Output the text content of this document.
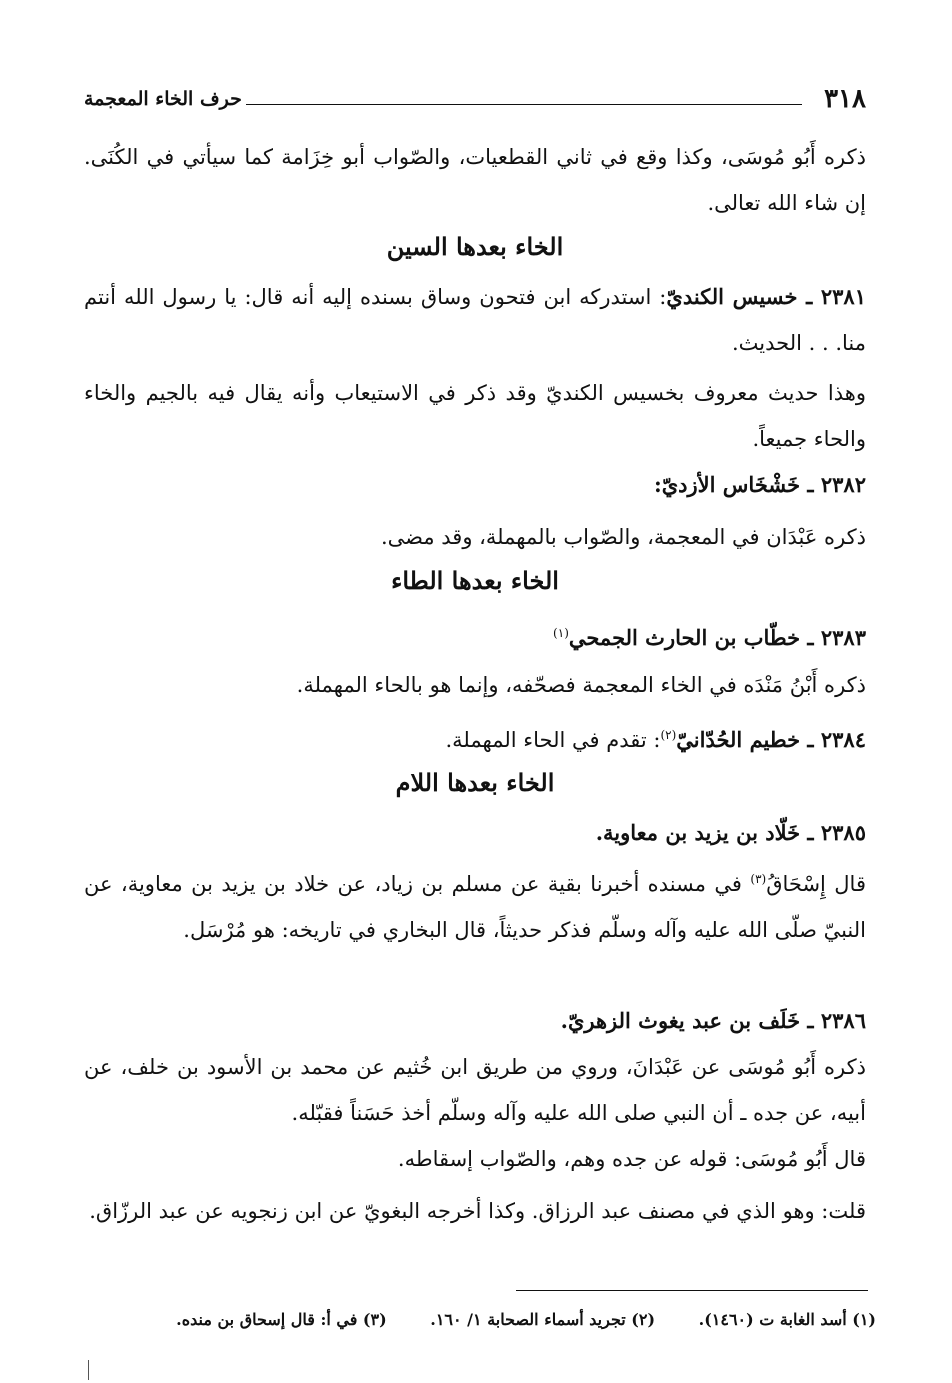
٣١٨
حرف الخاء المعجمة
ذكره أَبُو مُوسَى، وكذا وقع في ثاني القطعيات، والصّواب أبو خِزَامة كما سيأتي في الكُنَى. إن شاء الله تعالى.
الخاء بعدها السين
٢٣٨١ ـ خسيس الكنديّ: استدركه ابن فتحون وساق بسنده إليه أنه قال: يا رسول الله أنتم منا. . . الحديث.
وهذا حديث معروف بخسيس الكنديّ وقد ذكر في الاستيعاب وأنه يقال فيه بالجيم والخاء والحاء جميعاً.
٢٣٨٢ ـ خَشْخَاس الأزديّ:
ذكره عَبْدَان في المعجمة، والصّواب بالمهملة، وقد مضى.
الخاء بعدها الطاء
٢٣٨٣ ـ خطّاب بن الحارث الجمحي$^{(١)}$
ذكره أَبْنُ مَنْدَه في الخاء المعجمة فصحّفه، وإنما هو بالحاء المهملة.
٢٣٨٤ ـ خطيم الحُدّانيّ$^{(٢)}$: تقدم في الحاء المهملة.
الخاء بعدها اللام
٢٣٨٥ ـ خَلّاد بن يزيد بن معاوية.
قال إِسْحَاقُ$^{(٣)}$ في مسنده أخبرنا بقية عن مسلم بن زياد، عن خلاد بن يزيد بن معاوية، عن النبيّ صلّى الله عليه وآله وسلّم فذكر حديثاً، قال البخاري في تاريخه: هو مُرْسَل.
٢٣٨٦ ـ خَلَف بن عبد يغوث الزهريّ.
ذكره أَبُو مُوسَى عن عَبْدَانَ، وروي من طريق ابن خُثيم عن محمد بن الأسود بن خلف، عن أبيه، عن جده ـ أن النبي صلى الله عليه وآله وسلّم أخذ حَسَناً فقبّله.
قال أَبُو مُوسَى: قوله عن جده وهم، والصّواب إسقاطه.
قلت: وهو الذي في مصنف عبد الرزاق. وكذا أخرجه البغويّ عن ابن زنجويه عن عبد الرزّاق.
(١) أسد الغابة ت (١٤٦٠). (٢) تجريد أسماء الصحابة ١/ ١٦٠. (٣) في أ: قال إسحاق بن منده.
